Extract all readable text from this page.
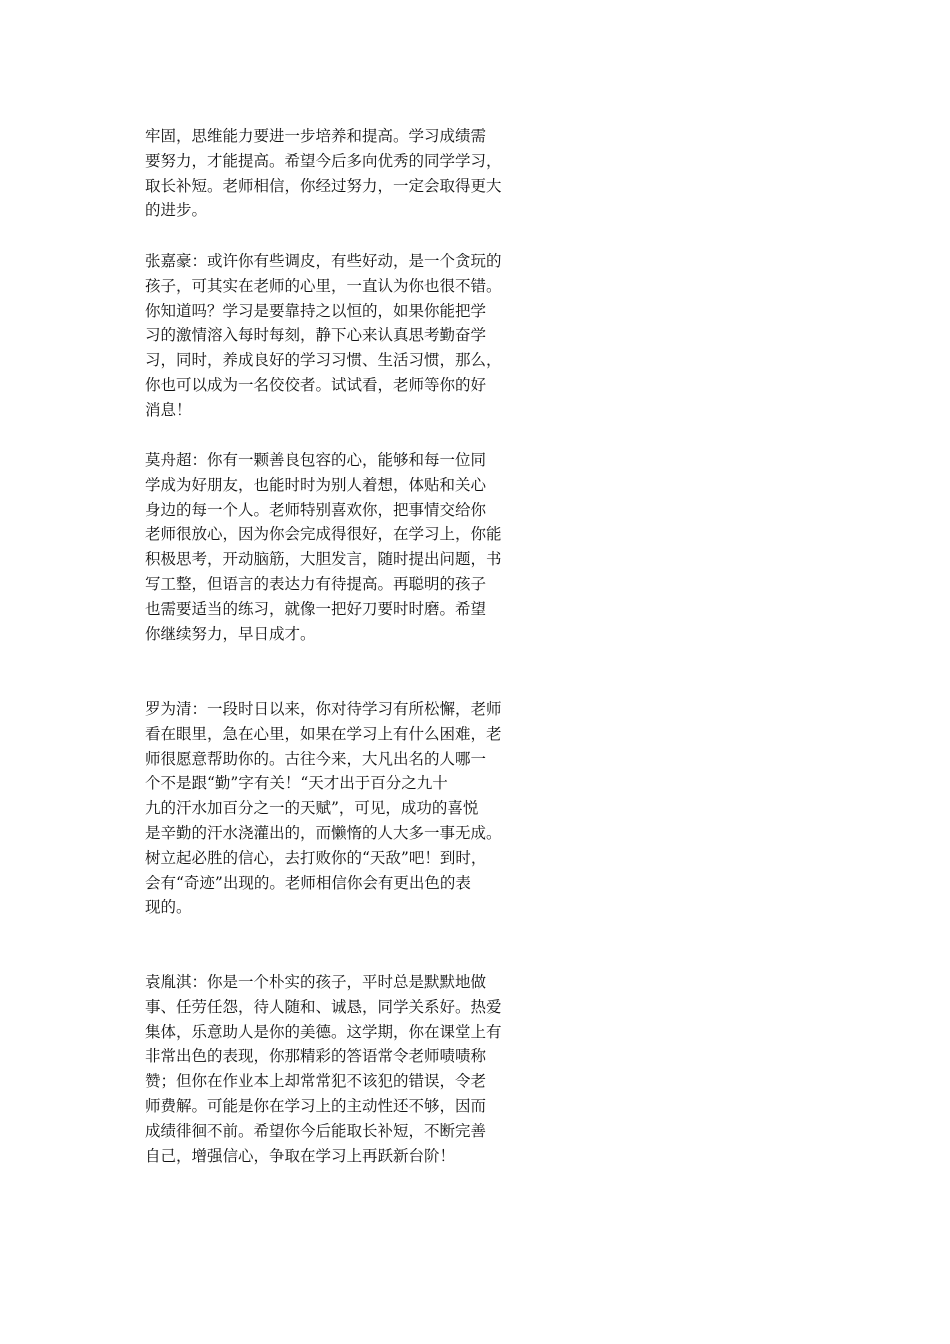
牢固，思维能力要进一步培养和提高。学习成绩需
要努力，才能提高。希望今后多向优秀的同学学习，
取长补短。老师相信，你经过努力，一定会取得更大
的进步。
张嘉豪：或许你有些调皮，有些好动，是一个贪玩的
孩子，可其实在老师的心里，一直认为你也很不错。
你知道吗？学习是要靠持之以恒的，如果你能把学
习的激情溶入每时每刻，静下心来认真思考勤奋学
习，同时，养成良好的学习习惯、生活习惯，那么，
你也可以成为一名佼佼者。试试看，老师等你的好
消息！
莫舟超：你有一颗善良包容的心，能够和每一位同
学成为好朋友，也能时时为别人着想，体贴和关心
身边的每一个人。老师特别喜欢你，把事情交给你
老师很放心，因为你会完成得很好，在学习上，你能
积极思考，开动脑筋，大胆发言，随时提出问题，书
写工整，但语言的表达力有待提高。再聪明的孩子
也需要适当的练习，就像一把好刀要时时磨。希望
你继续努力，早日成才。
罗为清：一段时日以来，你对待学习有所松懈，老师
看在眼里，急在心里，如果在学习上有什么困难，老
师很愿意帮助你的。古往今来，大凡出名的人哪一
个不是跟“勤”字有关！“天才出于百分之九十
九的汗水加百分之一的天赋”，可见，成功的喜悦
是辛勤的汗水浇灌出的，而懒惰的人大多一事无成。
树立起必胜的信心，去打败你的“天敌”吧！到时，
会有“奇迹”出现的。老师相信你会有更出色的表
现的。
袁胤淇：你是一个朴实的孩子，平时总是默默地做
事、任劳任怨，待人随和、诚恳，同学关系好。热爱
集体，乐意助人是你的美德。这学期，你在课堂上有
非常出色的表现，你那精彩的答语常令老师啧啧称
赞；但你在作业本上却常常犯不该犯的错误，令老
师费解。可能是你在学习上的主动性还不够，因而
成绩徘徊不前。希望你今后能取长补短，不断完善
自己，增强信心，争取在学习上再跃新台阶！
